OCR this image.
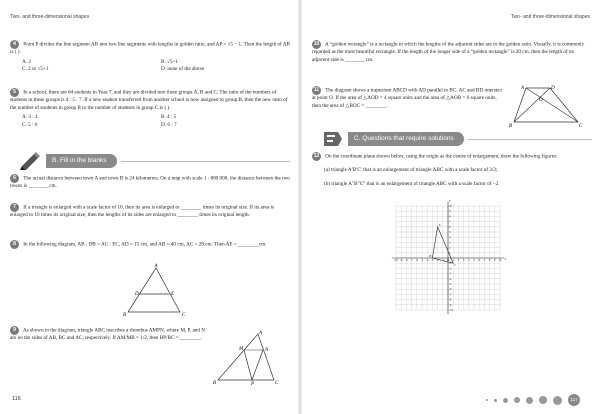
Two- and three-dimensional shapes
4 Point P divides the line segment AB into two line segments with lengths in golden ratio, and AP = √5 − 1. Then the length of AB is ( ).
A. 2	B. √5+1
C. 2 or √5+1	D. none of the above
5 In a school, there are 64 students in Year 7, and they are divided into three groups A, B and C. The ratio of the numbers of students in these groups is 4 : 5 : 7. If a new student transferred from another school is now assigned to group B, then the new ratio of the number of students in group B to the number of students in group C is ( ).
A. 3 : 4	B. 4 : 5
C. 5 : 6	D. 6 : 7
B. Fill in the blanks
6 The actual distance between town A and town B is 24 kilometres. On a map with scale 1 : 800 000, the distance between the two towns is ________cm.
7 If a triangle is enlarged with a scale factor of 10, then its area is enlarged to ________ times its original size. If its area is enlarged to 10 times its original size, then the lengths of its sides are enlarged to ________ times its original length.
8 In the following diagram, AB : DB = AC : EC, AD = 15 cm, and AB = 40 cm, AC = 28 cm. Then AE = ________cm.
A
D	E
B	C
9 As shown in the diagram, triangle ABC inscribes a rhombus AMPN, where M, P, and N are on the sides of AB, BC and AC, respectively. If AM/MB = 1/2, then BP/BC = ________.
A
M	N
B	P	C
116
Two- and three-dimensional shapes
10 A “golden rectangle” is a rectangle in which the lengths of the adjacent sides are in the golden ratio. Visually, it is commonly regarded as the most beautiful rectangle. If the length of the longer side of a “golden rectangle” is 20 cm, then the length of its adjacent side is ________cm.
11 The diagram shows a trapezium ABCD with AD parallel to BC. AC and BD intersect at point O. If the area of △AOD = 4 square units and the area of △AOB = 6 square units, then the area of △BOC = ________.
A	D
O
B	C
C. Questions that require solutions
12 On the coordinate plane shown below, using the origin as the centre of enlargement, draw the following figures:
(a) triangle A′B′C′ that is an enlargement of triangle ABC with a scale factor of 3/2;
(b) triangle A″B″C″ that is an enlargement of triangle ABC with a scale factor of −2.
x
y
-10 -9 -8 -7 -6 -5 -4 -3 -2 -1 O 1 2 3 4 5 6 7 8 9 10
10
9
8
7
6
5
4
3
2
1
-1
-2
-3
-4
-5
-6
-7
-8
-9
-10
A
B
C
117
